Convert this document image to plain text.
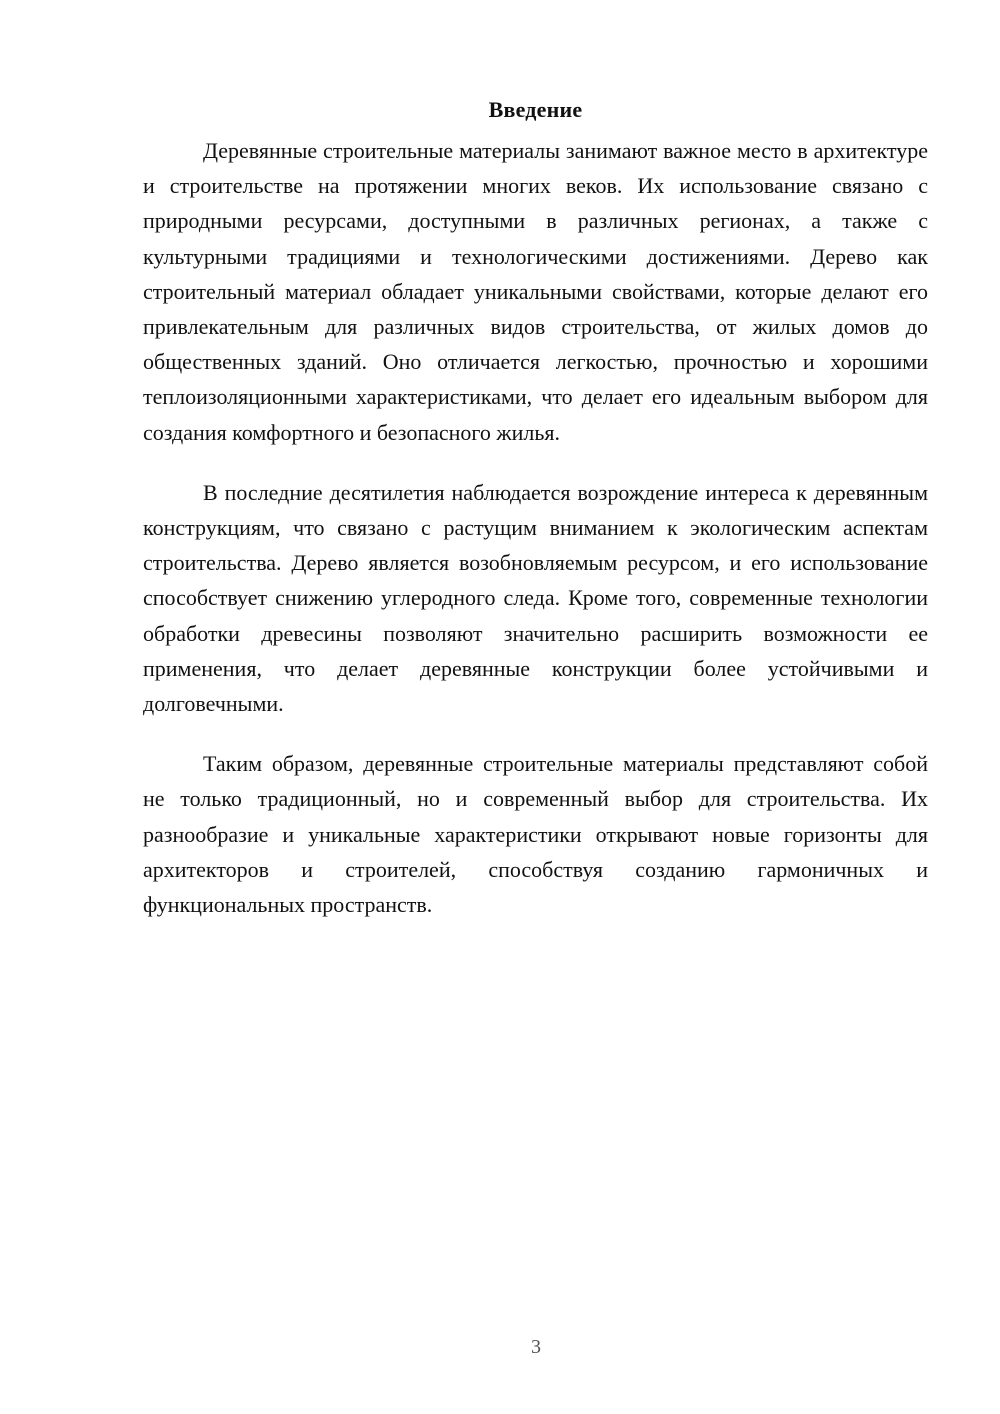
Введение

Деревянные строительные материалы занимают важное место в архитектуре и строительстве на протяжении многих веков. Их использование связано с природными ресурсами, доступными в различных регионах, а также с культурными традициями и технологическими достижениями. Дерево как строительный материал обладает уникальными свойствами, которые делают его привлекательным для различных видов строительства, от жилых домов до общественных зданий. Оно отличается легкостью, прочностью и хорошими теплоизоляционными характеристиками, что делает его идеальным выбором для создания комфортного и безопасного жилья.

В последние десятилетия наблюдается возрождение интереса к деревянным конструкциям, что связано с растущим вниманием к экологическим аспектам строительства. Дерево является возобновляемым ресурсом, и его использование способствует снижению углеродного следа. Кроме того, современные технологии обработки древесины позволяют значительно расширить возможности ее применения, что делает деревянные конструкции более устойчивыми и долговечными.

Таким образом, деревянные строительные материалы представляют собой не только традиционный, но и современный выбор для строительства. Их разнообразие и уникальные характеристики открывают новые горизонты для архитекторов и строителей, способствуя созданию гармоничных и функциональных пространств.

3
